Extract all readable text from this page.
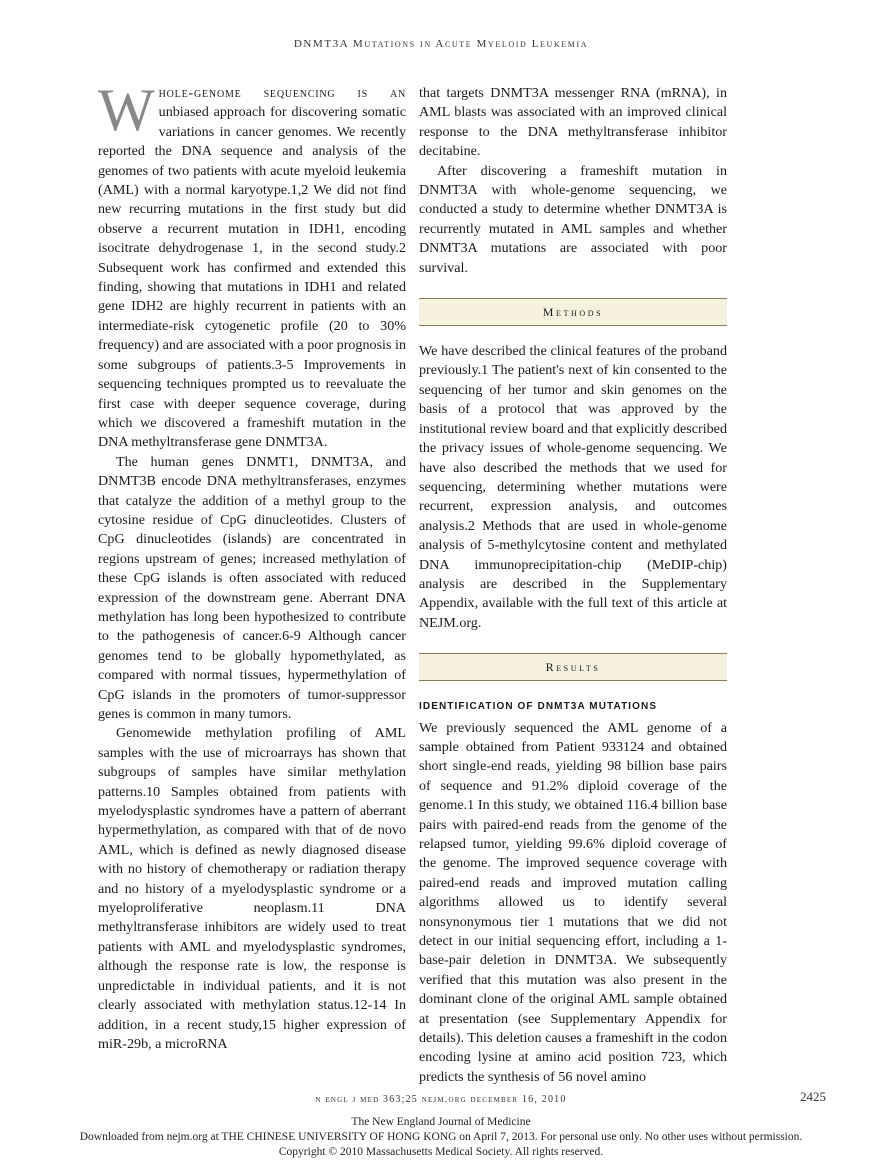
DNMT3A Mutations in Acute Myeloid Leukemia

Whole-genome sequencing is an unbiased approach for discovering somatic variations in cancer genomes. We recently reported the DNA sequence and analysis of the genomes of two patients with acute myeloid leukemia (AML) with a normal karyotype.1,2 We did not find new recurring mutations in the first study but did observe a recurrent mutation in IDH1, encoding isocitrate dehydrogenase 1, in the second study.2 Subsequent work has confirmed and extended this finding, showing that mutations in IDH1 and related gene IDH2 are highly recurrent in patients with an intermediate-risk cytogenetic profile (20 to 30% frequency) and are associated with a poor prognosis in some subgroups of patients.3-5 Improvements in sequencing techniques prompted us to reevaluate the first case with deeper sequence coverage, during which we discovered a frameshift mutation in the DNA methyltransferase gene DNMT3A.

The human genes DNMT1, DNMT3A, and DNMT3B encode DNA methyltransferases, enzymes that catalyze the addition of a methyl group to the cytosine residue of CpG dinucleotides. Clusters of CpG dinucleotides (islands) are concentrated in regions upstream of genes; increased methylation of these CpG islands is often associated with reduced expression of the downstream gene. Aberrant DNA methylation has long been hypothesized to contribute to the pathogenesis of cancer.6-9 Although cancer genomes tend to be globally hypomethylated, as compared with normal tissues, hypermethylation of CpG islands in the promoters of tumor-suppressor genes is common in many tumors.

Genomewide methylation profiling of AML samples with the use of microarrays has shown that subgroups of samples have similar methylation patterns.10 Samples obtained from patients with myelodysplastic syndromes have a pattern of aberrant hypermethylation, as compared with that of de novo AML, which is defined as newly diagnosed disease with no history of chemotherapy or radiation therapy and no history of a myelodysplastic syndrome or a myeloproliferative neoplasm.11 DNA methyltransferase inhibitors are widely used to treat patients with AML and myelodysplastic syndromes, although the response rate is low, the response is unpredictable in individual patients, and it is not clearly associated with methylation status.12-14 In addition, in a recent study,15 higher expression of miR-29b, a microRNA

that targets DNMT3A messenger RNA (mRNA), in AML blasts was associated with an improved clinical response to the DNA methyltransferase inhibitor decitabine.

After discovering a frameshift mutation in DNMT3A with whole-genome sequencing, we conducted a study to determine whether DNMT3A is recurrently mutated in AML samples and whether DNMT3A mutations are associated with poor survival.

Methods

We have described the clinical features of the proband previously.1 The patient's next of kin consented to the sequencing of her tumor and skin genomes on the basis of a protocol that was approved by the institutional review board and that explicitly described the privacy issues of whole-genome sequencing. We have also described the methods that we used for sequencing, determining whether mutations were recurrent, expression analysis, and outcomes analysis.2 Methods that are used in whole-genome analysis of 5-methylcytosine content and methylated DNA immunoprecipitation-chip (MeDIP-chip) analysis are described in the Supplementary Appendix, available with the full text of this article at NEJM.org.

Results
IDENTIFICATION OF DNMT3A MUTATIONS

We previously sequenced the AML genome of a sample obtained from Patient 933124 and obtained short single-end reads, yielding 98 billion base pairs of sequence and 91.2% diploid coverage of the genome.1 In this study, we obtained 116.4 billion base pairs with paired-end reads from the genome of the relapsed tumor, yielding 99.6% diploid coverage of the genome. The improved sequence coverage with paired-end reads and improved mutation calling algorithms allowed us to identify several nonsynonymous tier 1 mutations that we did not detect in our initial sequencing effort, including a 1-base-pair deletion in DNMT3A. We subsequently verified that this mutation was also present in the dominant clone of the original AML sample obtained at presentation (see Supplementary Appendix for details). This deletion causes a frameshift in the codon encoding lysine at amino acid position 723, which predicts the synthesis of 56 novel amino

n engl j med 363;25 nejm.org december 16, 2010	2425
The New England Journal of Medicine
Downloaded from nejm.org at THE CHINESE UNIVERSITY OF HONG KONG on April 7, 2013. For personal use only. No other uses without permission.
Copyright © 2010 Massachusetts Medical Society. All rights reserved.
